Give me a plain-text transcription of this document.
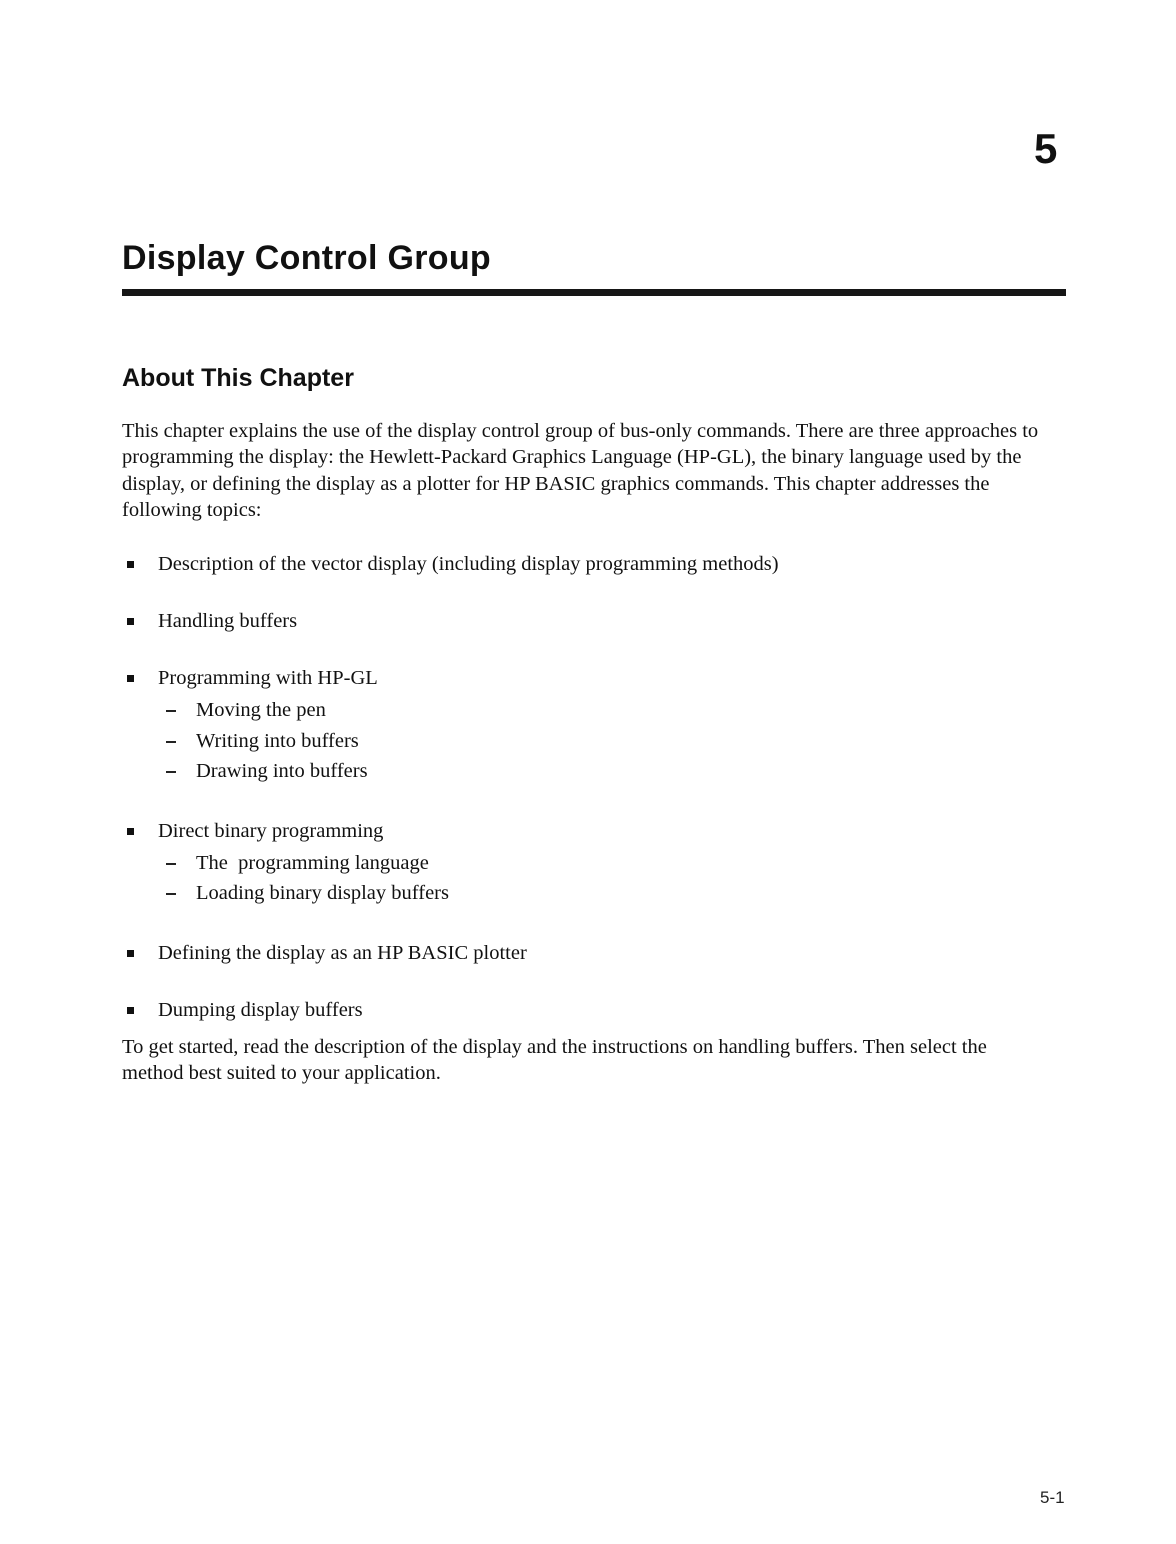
5
Display Control Group
About This Chapter

This chapter explains the use of the display control group of bus-only commands. There are three approaches to programming the display: the Hewlett-Packard Graphics Language (HP-GL), the binary language used by the display, or defining the display as a plotter for HP BASIC graphics commands. This chapter addresses the following topics:

Description of the vector display (including display programming methods)
Handling buffers
Programming with HP-GL
Moving the pen
Writing into buffers
Drawing into buffers
Direct binary programming
The  programming language
Loading binary display buffers
Defining the display as an HP BASIC plotter
Dumping display buffers

To get started, read the description of the display and the instructions on handling buffers. Then select the method best suited to your application.

5-1
